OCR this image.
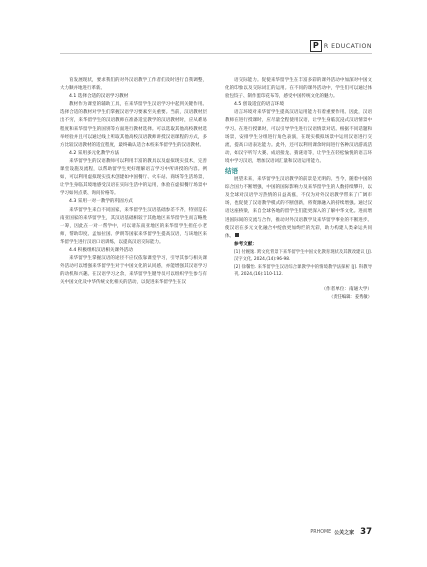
P R EDUCATION

育发展现状，要求我们的对外汉语教学工作者们及时进行自我调整，大力顺并地进行革新。

4.1 选择合适的汉语学习教材

教材作为课堂的辅助工具，在来华留学生汉语学习中起到关键作用。选择合适的教材对学生们掌握汉语学习要素至关重要。当前，汉语教材层出不穷，来华留学生的汉语教师在准备适宜教学的汉语教材时，应从难易程度和来华留学生的国别等方面进行教材选择。可以选取其他高校教材选举经验并且可以通过线上听取其他高校汉语教师讲授汉语课程的方式，多方比较汉语教材的适宜程度，最终确认适合本校来华留学生的汉语教材。

4.2 采用多元化教学方法

来华留学生的汉语教师可以利用丰富的教具以及虚拟现实技术，完善课堂设施及流程，以帮助留学生更好理解语言学习中所讲授的内容。例如，可以利用虚拟现实技术创建如中国餐厅、火车站、商场等生活场景，让学生身临其境地感受汉语在实际生活中的运用，体验在虚拟餐厅场景中学习如何点菜、询问价格等。

4.3 采用一对一教学的巩固方式

来华留学生来自不同国家，来华留学生汉语基础参差不齐，特别是东南亚国家的来华留学生，其汉语基础相较于其他地区来华留学生而言略胜一筹，因此在一对一帮学中，可以请东南亚地区的来华留学生担任小老师，帮助印度、孟加拉国、伊朗等国家来华留学生提高汉语，与该地区来华留学生进行汉语口语训练，以提高汉语交际能力。

4.4 积极组织汉语相关课外活动

来华留学生掌握汉语的途径不应仅依靠课堂学习，引导其参与相关课外活动可以增强来华留学生对于中国文化的认同感，亦能增强其汉语学习的动机和兴趣。在汉语学习之余，来华留学生键导员可以组织学生参与有关中国文化及中华传统文化相关的活动，以促进来华留学生在汉

语交际能力。促使来华留学生在丰富多彩的课外活动中加深对中国文化的印象以及交际词汇的运用。在不同的课外活动中，学生们可以通过体验包饺子、制作蛋印花布等，感受中国传统文化的魅力。

4.5 创设适宜的语言环境

语言环境对来华留学生提高汉语运用能力有着重要作用。因此，汉语教师在进行授课时，应尽量全程使用汉语，让学生身临沉浸式汉语情景中学习。在进行授课时，可以引导学生进行汉语情景对话。根据不同话题和场景，安排学生分组进行角色表演，在现实模拟场景中运用汉语进行交流，提高口语表达能力。此外，还可以利用课余时间进行各种汉语游戏活动，如汉字听写大赛、成语接龙、猜谜语等，让学生在轻松愉悦的语言环境中学习汉语，增加汉语词汇量和汉语运用能力。

结语

展望未来，来华留学生汉语教学的前景是光明的。当今，随着中国的综合国力不断增强，中国的国际影响力及来华留学生的人数持续攀升，以及全球对汉语学习热情的日益高涨，不仅为对外汉语教学带来了广阔市场，也促使了汉语教学模式的不断创新，将资源融入的持续增强。通过汉语这座桥梁，来自全球各地的留学生们能更深入的了解中华文化。进而增进国际间的交流与合作，推动对外汉语教学及来华留学事业的不断进步。使汉语在多元文化融合中绽放更加绚烂的光彩，助力构建人类命运共同体。

参考文献：

[1] 付婉逸. 跨文化背景下来华留学生中国文化教育现状及其教改建议 [J]. 汉字文化, 2024,(14):96-98.

[2] 徐馨怡. 来华留学生汉语综合课教学中的情境教学法探析 [J]. 科教导刊, 2024,(16):110-112.

（作者单位：南通大学）
（责任编辑：姜秀敏）
PRHOME 公关之家 37
